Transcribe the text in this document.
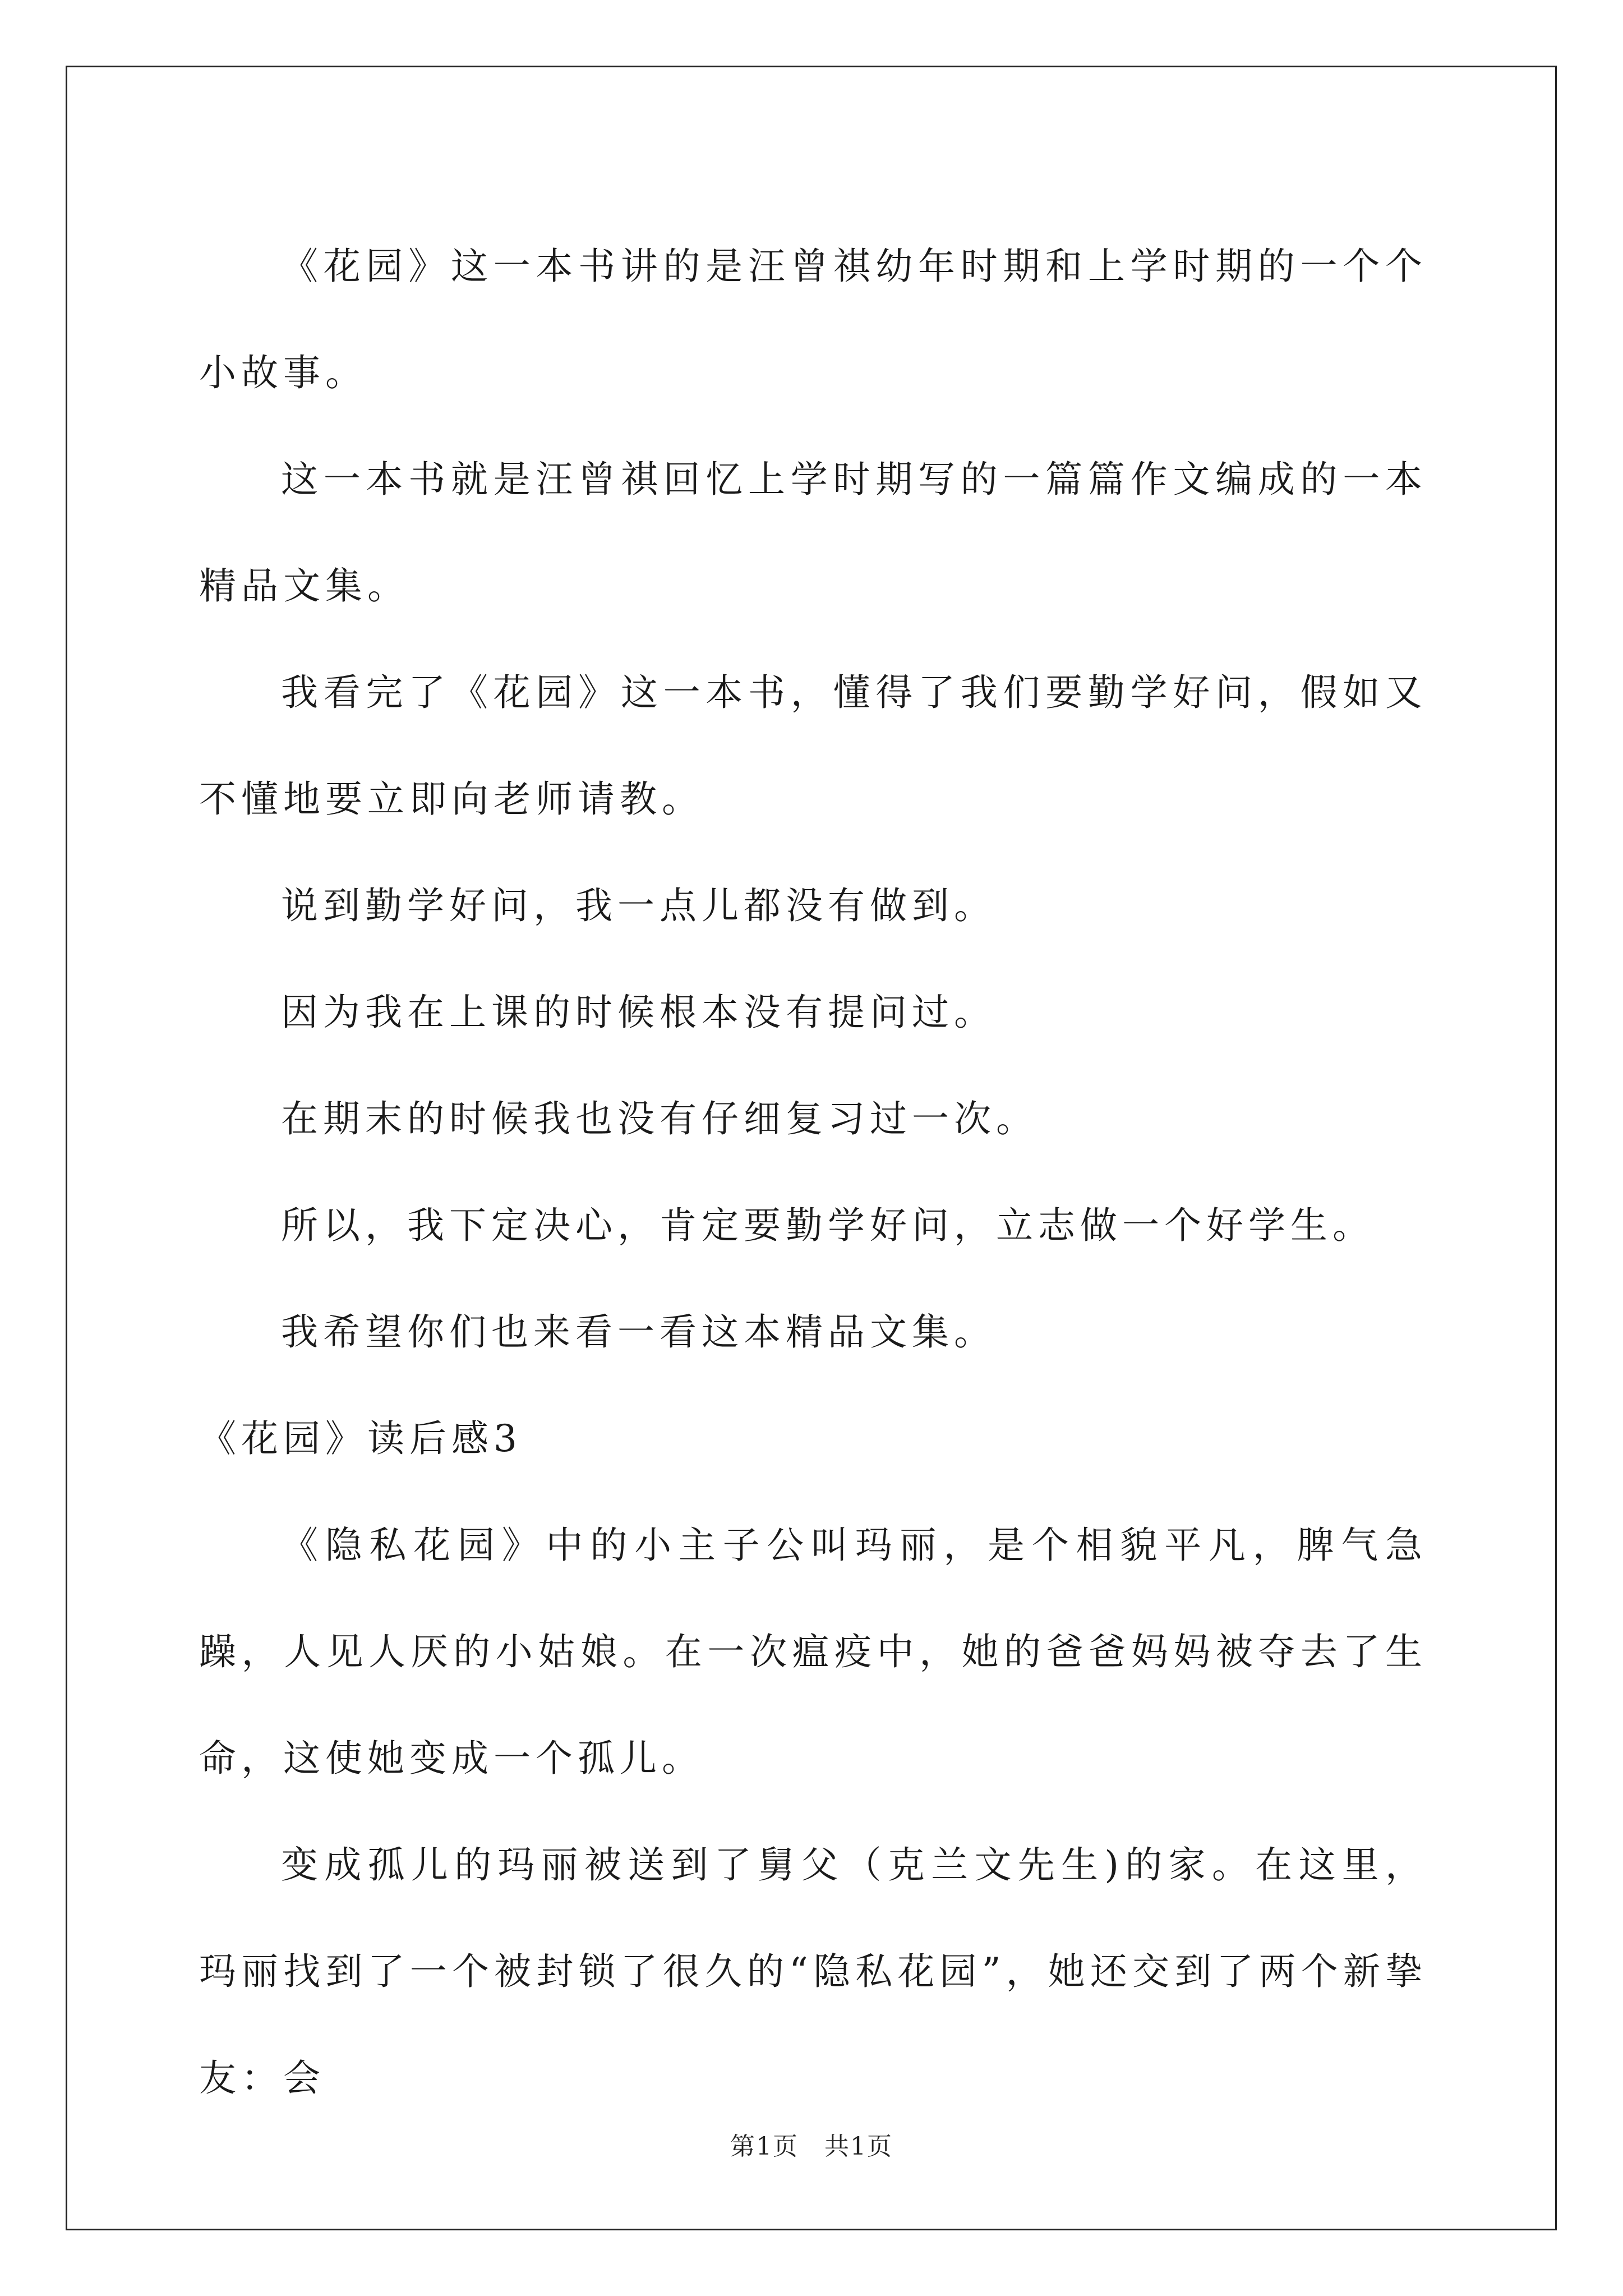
《花园》这一本书讲的是汪曾祺幼年时期和上学时期的一个个小故事。

这一本书就是汪曾祺回忆上学时期写的一篇篇作文编成的一本精品文集。

我看完了《花园》这一本书，懂得了我们要勤学好问，假如又不懂地要立即向老师请教。

说到勤学好问，我一点儿都没有做到。

因为我在上课的时候根本没有提问过。

在期末的时候我也没有仔细复习过一次。

所以，我下定决心，肯定要勤学好问，立志做一个好学生。

我希望你们也来看一看这本精品文集。

《花园》读后感3

《隐私花园》中的小主子公叫玛丽，是个相貌平凡，脾气急躁，人见人厌的小姑娘。在一次瘟疫中，她的爸爸妈妈被夺去了生命，这使她变成一个孤儿。

变成孤儿的玛丽被送到了舅父（克兰文先生)的家。在这里，玛丽找到了一个被封锁了很久的“隐私花园”，她还交到了两个新挚友：会

第1页　共1页
